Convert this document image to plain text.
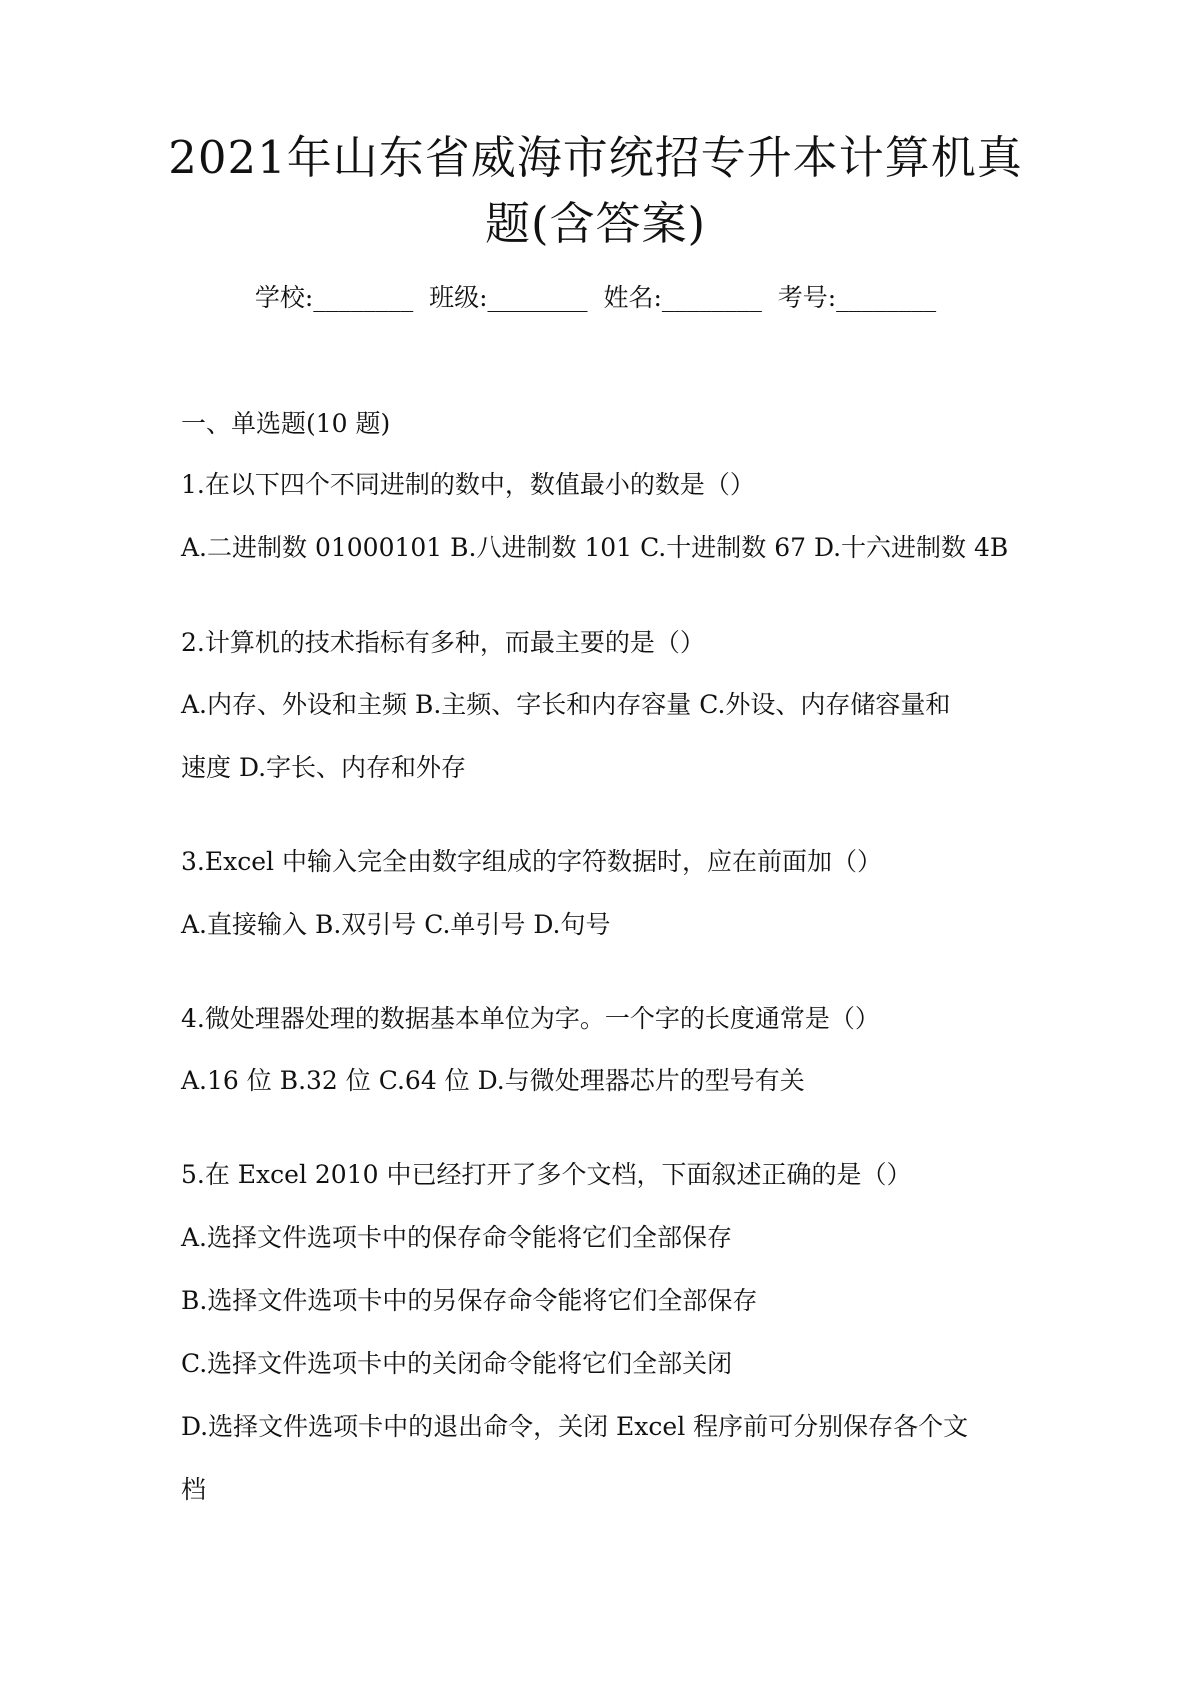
2021年山东省威海市统招专升本计算机真
题(含答案)
学校:________  班级:________  姓名:________  考号:________
一、单选题(10 题)
1.在以下四个不同进制的数中，数值最小的数是（）
A.二进制数 01000101 B.八进制数 101 C.十进制数 67 D.十六进制数 4B
2.计算机的技术指标有多种，而最主要的是（）
A.内存、外设和主频 B.主频、字长和内存容量 C.外设、内存储容量和
速度 D.字长、内存和外存
3.Excel 中输入完全由数字组成的字符数据时，应在前面加（）
A.直接输入 B.双引号 C.单引号 D.句号
4.微处理器处理的数据基本单位为字。一个字的长度通常是（）
A.16 位 B.32 位 C.64 位 D.与微处理器芯片的型号有关
5.在 Excel 2010 中已经打开了多个文档，下面叙述正确的是（）
A.选择文件选项卡中的保存命令能将它们全部保存
B.选择文件选项卡中的另保存命令能将它们全部保存
C.选择文件选项卡中的关闭命令能将它们全部关闭
D.选择文件选项卡中的退出命令，关闭 Excel 程序前可分别保存各个文
档
